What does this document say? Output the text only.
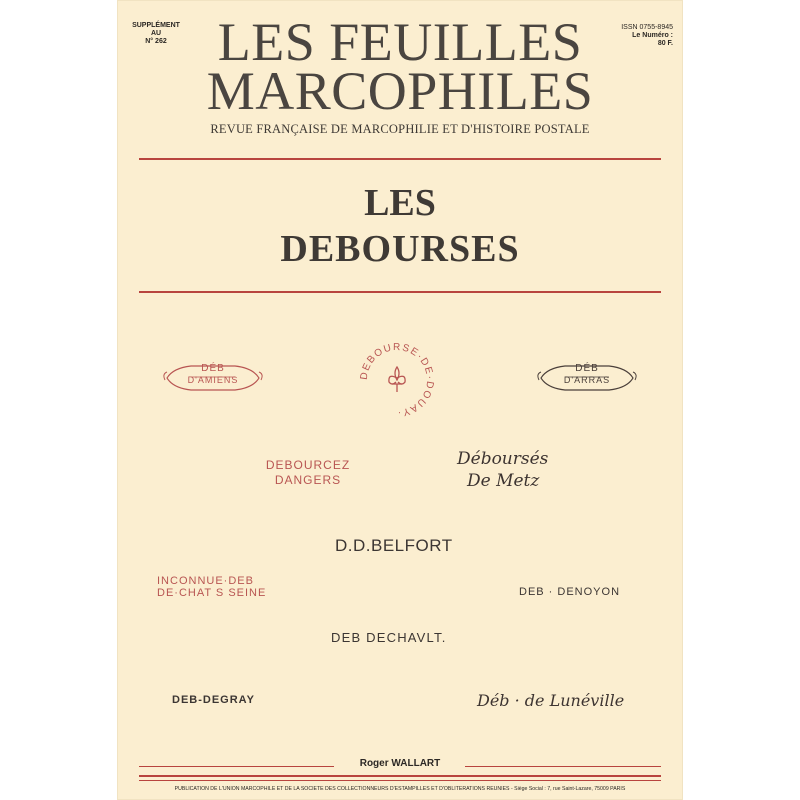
SUPPLÉMENT
AU
N° 262
ISSN 0755-8945
Le Numéro :
80 F.
LES FEUILLES
MARCOPHILES
REVUE FRANÇAISE DE MARCOPHILIE ET D'HISTOIRE POSTALE
LES
DEBOURSES
DÉB
D'AMIENS	DEBOURSE·DE·DOUAY·
DÉB
D'ARRAS
DEBOURCEZ
DANGERS
Déboursés
De Metz
D.D.BELFORT
INCONNUE·DEB
DE·CHAT S SEINE	DEB · DENOYON
DEB DECHAVLT.
DEB-DEGRAY	Déb · de Lunéville
Roger WALLART
PUBLICATION DE L'UNION MARCOPHILE ET DE LA SOCIÉTÉ DES COLLECTIONNEURS D'ESTAMPILLES ET D'OBLITÉRATIONS RÉUNIES - Siège Social : 7, rue Saint-Lazare, 75009 PARIS
